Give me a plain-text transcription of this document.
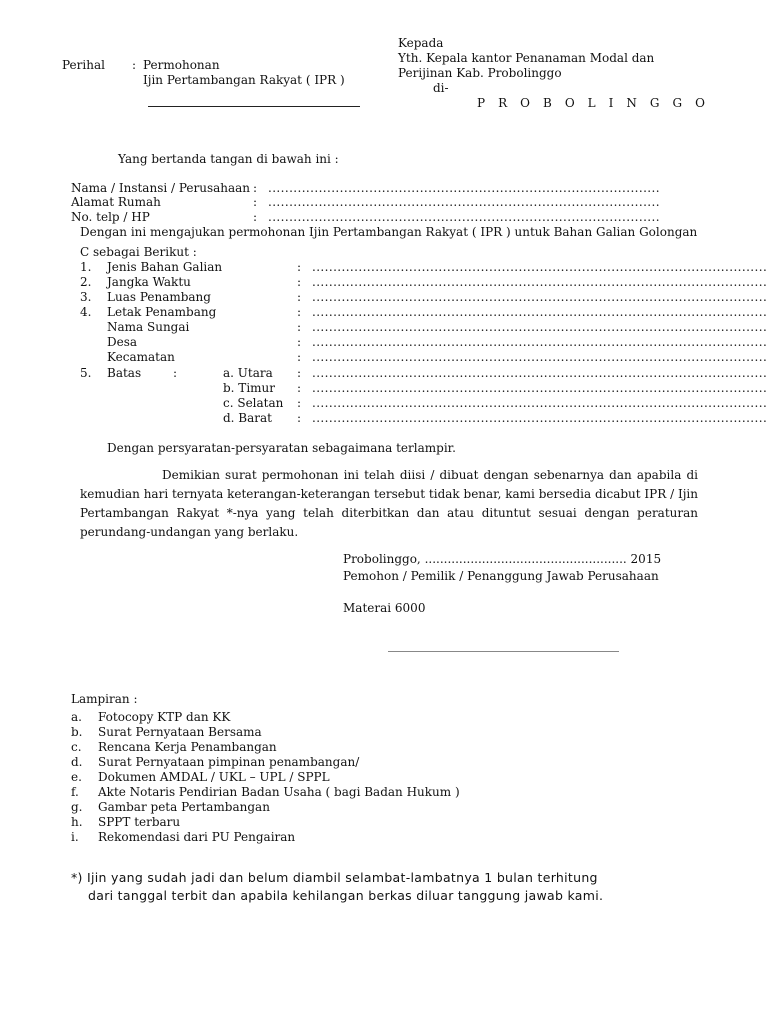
Kepada
Yth. Kepala kantor Penanaman Modal dan
Perijinan Kab. Probolinggo
di-
P R O B O L I N G G O
Perihal : Permohonan
Ijin Pertambangan Rakyat ( IPR )
Yang bertanda tangan di bawah ini :
Nama / Instansi / Perusahaan : .............................................................................................
Alamat Rumah	: .............................................................................................
No. telp / HP	: .............................................................................................
Dengan ini mengajukan permohonan Ijin Pertambangan Rakyat ( IPR ) untuk Bahan Galian Golongan
C sebagai Berikut :
1. Jenis Bahan Galian	: ............................................................................................................
2. Jangka Waktu	: ............................................................................................................
3. Luas Penambang	: ............................................................................................................
4. Letak Penambang	: ............................................................................................................
Nama Sungai	: ............................................................................................................
Desa	: ............................................................................................................
Kecamatan	: ............................................................................................................
5. Batas	:	a. Utara : ............................................................................................................
b. Timur : ............................................................................................................
c. Selatan : ............................................................................................................
d. Barat : ............................................................................................................
Dengan persyaratan-persyaratan sebagaimana terlampir.
Demikian surat permohonan ini telah diisi / dibuat dengan sebenarnya dan apabila di
kemudian hari ternyata keterangan-keterangan tersebut tidak benar, kami bersedia dicabut IPR / Ijin
Pertambangan Rakyat *-nya yang telah diterbitkan dan atau dituntut sesuai dengan peraturan
perundang-undangan yang berlaku.
Probolinggo, ..................................................... 2015
Pemohon / Pemilik / Penanggung Jawab Perusahaan
Materai 6000
Lampiran :
a. Fotocopy KTP dan KK
b. Surat Pernyataan Bersama
c. Rencana Kerja Penambangan
d. Surat Pernyataan pimpinan penambangan/
e. Dokumen AMDAL / UKL – UPL / SPPL
f. Akte Notaris Pendirian Badan Usaha ( bagi Badan Hukum )
g. Gambar peta Pertambangan
h. SPPT terbaru
i. Rekomendasi dari PU Pengairan
*) Ijin yang sudah jadi dan belum diambil selambat-lambatnya 1 bulan terhitung
dari tanggal terbit dan apabila kehilangan berkas diluar tanggung jawab kami.
